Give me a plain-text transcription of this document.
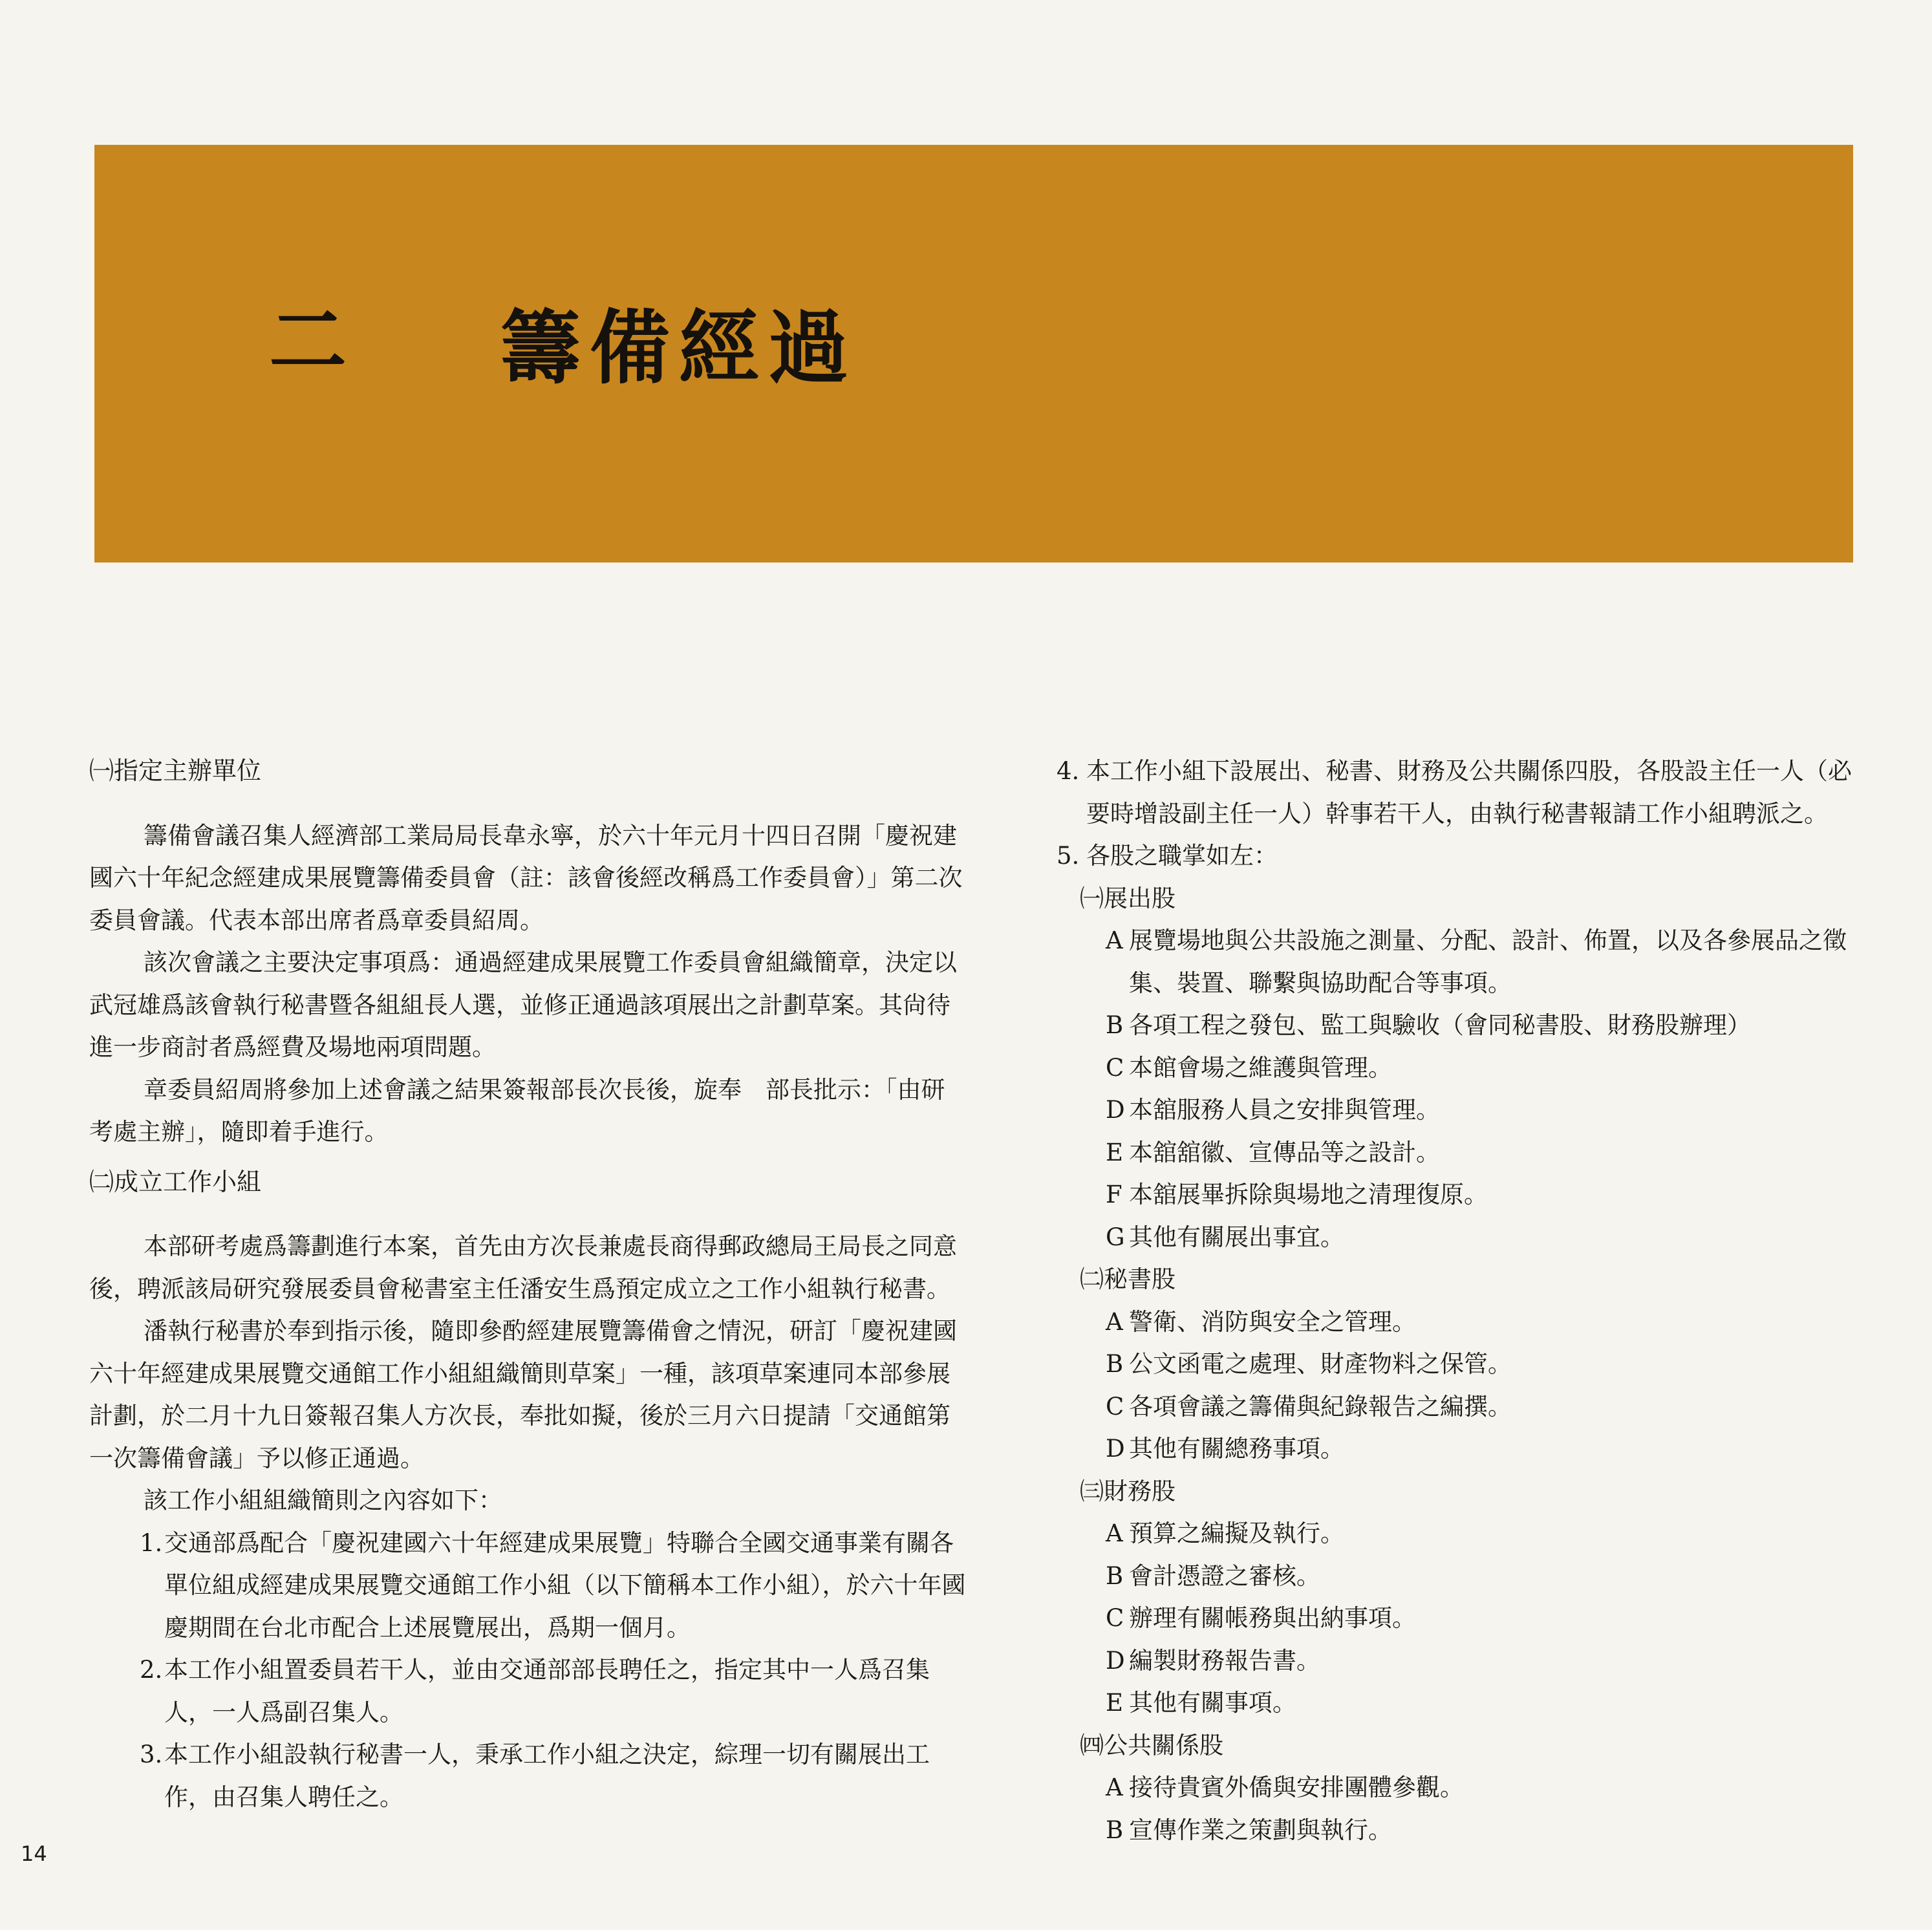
二 籌備經過
㈠指定主辦單位

籌備會議召集人經濟部工業局局長韋永寧，於六十年元月十四日召開「慶祝建國六十年紀念經建成果展覽籌備委員會（註：該會後經改稱爲工作委員會）」第二次委員會議。代表本部出席者爲章委員紹周。

該次會議之主要決定事項爲：通過經建成果展覽工作委員會組織簡章，決定以武冠雄爲該會執行秘書暨各組組長人選，並修正通過該項展出之計劃草案。其尙待進一步商討者爲經費及場地兩項問題。

章委員紹周將參加上述會議之結果簽報部長次長後，旋奉　部長批示：「由研考處主辦」，隨即着手進行。

㈡成立工作小組

本部研考處爲籌劃進行本案，首先由方次長兼處長商得郵政總局王局長之同意後，聘派該局研究發展委員會秘書室主任潘安生爲預定成立之工作小組執行秘書。

潘執行秘書於奉到指示後，隨即參酌經建展覽籌備會之情況，研訂「慶祝建國六十年經建成果展覽交通館工作小組組織簡則草案」一種，該項草案連同本部參展計劃，於二月十九日簽報召集人方次長，奉批如擬，後於三月六日提請「交通館第一次籌備會議」予以修正通過。

該工作小組組織簡則之內容如下：

1. 交通部爲配合「慶祝建國六十年經建成果展覽」特聯合全國交通事業有關各單位組成經建成果展覽交通館工作小組（以下簡稱本工作小組），於六十年國慶期間在台北市配合上述展覽展出，爲期一個月。
2. 本工作小組置委員若干人，並由交通部部長聘任之，指定其中一人爲召集人，一人爲副召集人。
3. 本工作小組設執行秘書一人，秉承工作小組之決定，綜理一切有關展出工作，由召集人聘任之。
4. 本工作小組下設展出、秘書、財務及公共關係四股，各股設主任一人（必要時增設副主任一人）幹事若干人，由執行秘書報請工作小組聘派之。
5. 各股之職掌如左：
㈠展出股
A 展覽場地與公共設施之測量、分配、設計、佈置，以及各參展品之徵集、裝置、聯繫與協助配合等事項。
B 各項工程之發包、監工與驗收（會同秘書股、財務股辦理）
C 本館會場之維護與管理。
D 本舘服務人員之安排與管理。
E 本舘舘徽、宣傳品等之設計。
F 本舘展畢拆除與場地之清理復原。
G 其他有關展出事宜。
㈡秘書股
A 警衛、消防與安全之管理。
B 公文函電之處理、財產物料之保管。
C 各項會議之籌備與紀錄報告之編撰。
D 其他有關總務事項。
㈢財務股
A 預算之編擬及執行。
B 會計憑證之審核。
C 辦理有關帳務與出納事項。
D 編製財務報告書。
E 其他有關事項。
㈣公共關係股
A 接待貴賓外僑與安排團體參觀。
B 宣傳作業之策劃與執行。
14
